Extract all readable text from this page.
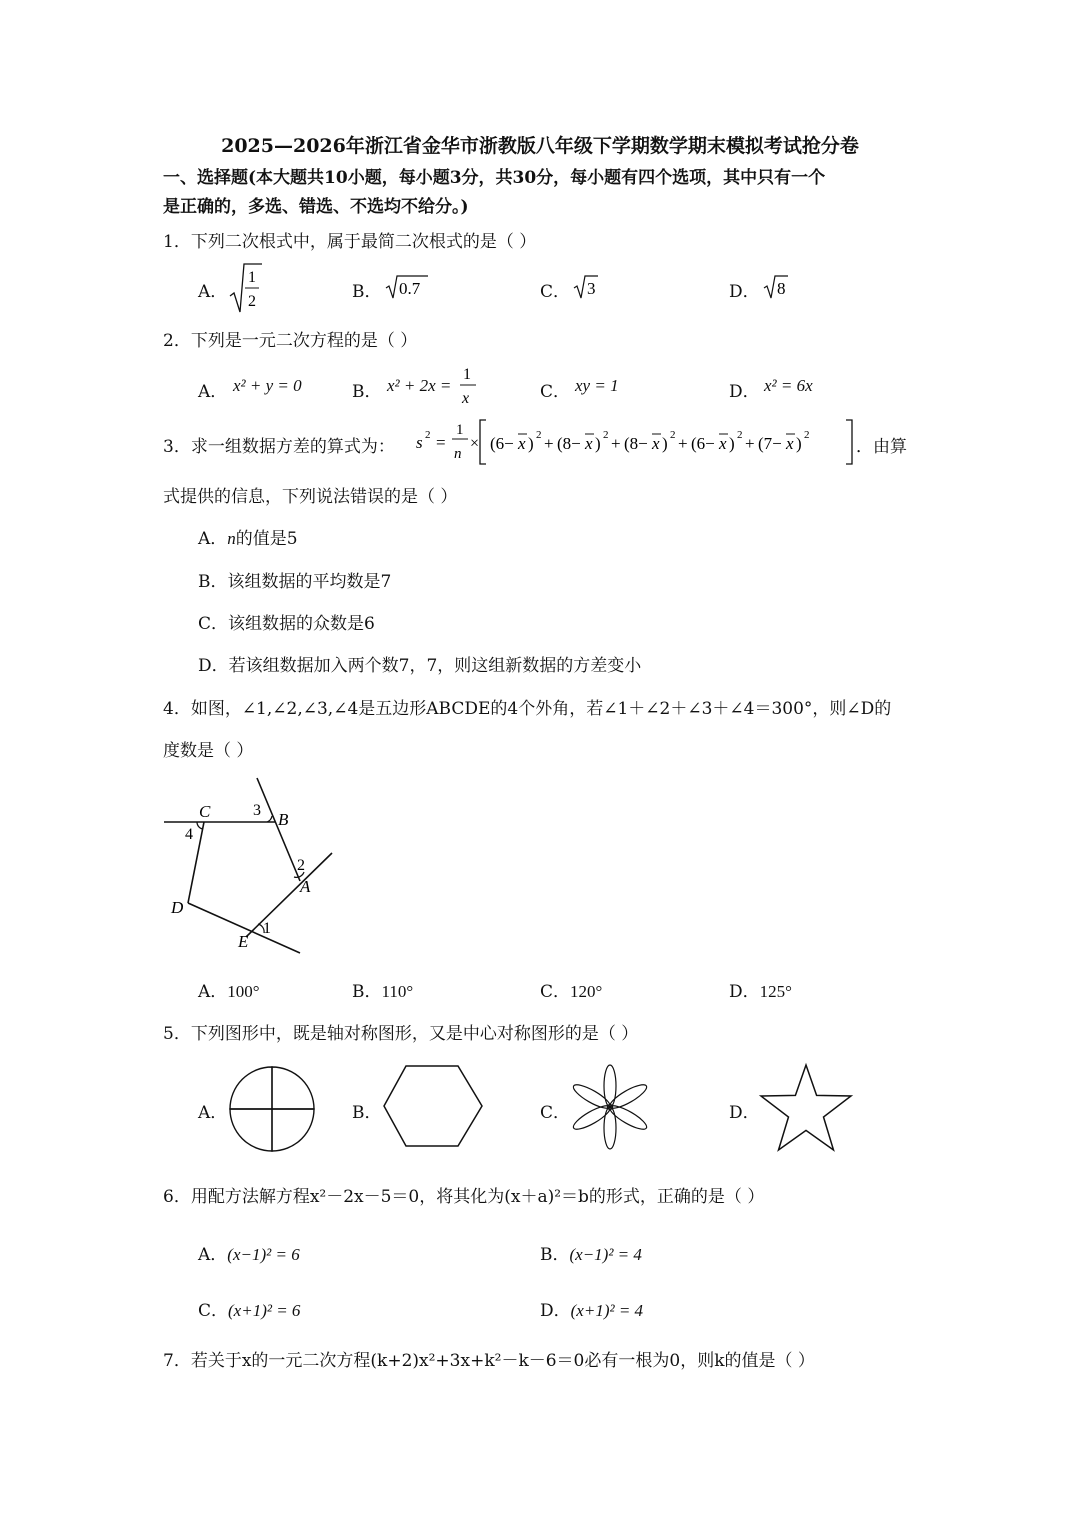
2025—2026年浙江省金华市浙教版八年级下学期数学期末模拟考试抢分卷
一、选择题(本大题共10小题，每小题3分，共30分，每小题有四个选项，其中只有一个
是正确的，多选、错选、不选均不给分。)
1．下列二次根式中，属于最简二次根式的是（ ）
A．
1
2	B． 0.7	C． 3	D． 8
2．下列是一元二次方程的是（ ）
A． x² + y = 0	B． x² + 2x =
1
x	C． xy = 1	D． x² = 6x
3．求一组数据方差的算式为： s 2 =
1
n
× (6− x ) 2 + (8− x ) 2 + (8− x ) 2 + (6− x ) 2 + (7− x ) 2
．由算
式提供的信息，下列说法错误的是（ ）
A．n的值是5
B．该组数据的平均数是7
C．该组数据的众数是6
D．若该组数据加入两个数7，7，则这组新数据的方差变小
4．如图，∠1,∠2,∠3,∠4是五边形ABCDE的4个外角，若∠1＋∠2＋∠3＋∠4＝300°，则∠D的
度数是（ ）
C	B
A
D
E
1
2
3
4
A．100°	B．110°	C．120°	D．125°
5．下列图形中，既是轴对称图形，又是中心对称图形的是（ ）
A．	B．	C．	D．
6．用配方法解方程x²－2x－5＝0，将其化为(x＋a)²＝b的形式，正确的是（ ）
A．(x−1)² = 6	B．(x−1)² = 4
C．(x+1)² = 6	D．(x+1)² = 4
7．若关于x的一元二次方程(k+2)x²+3x+k²－k－6＝0必有一根为0，则k的值是（ ）
